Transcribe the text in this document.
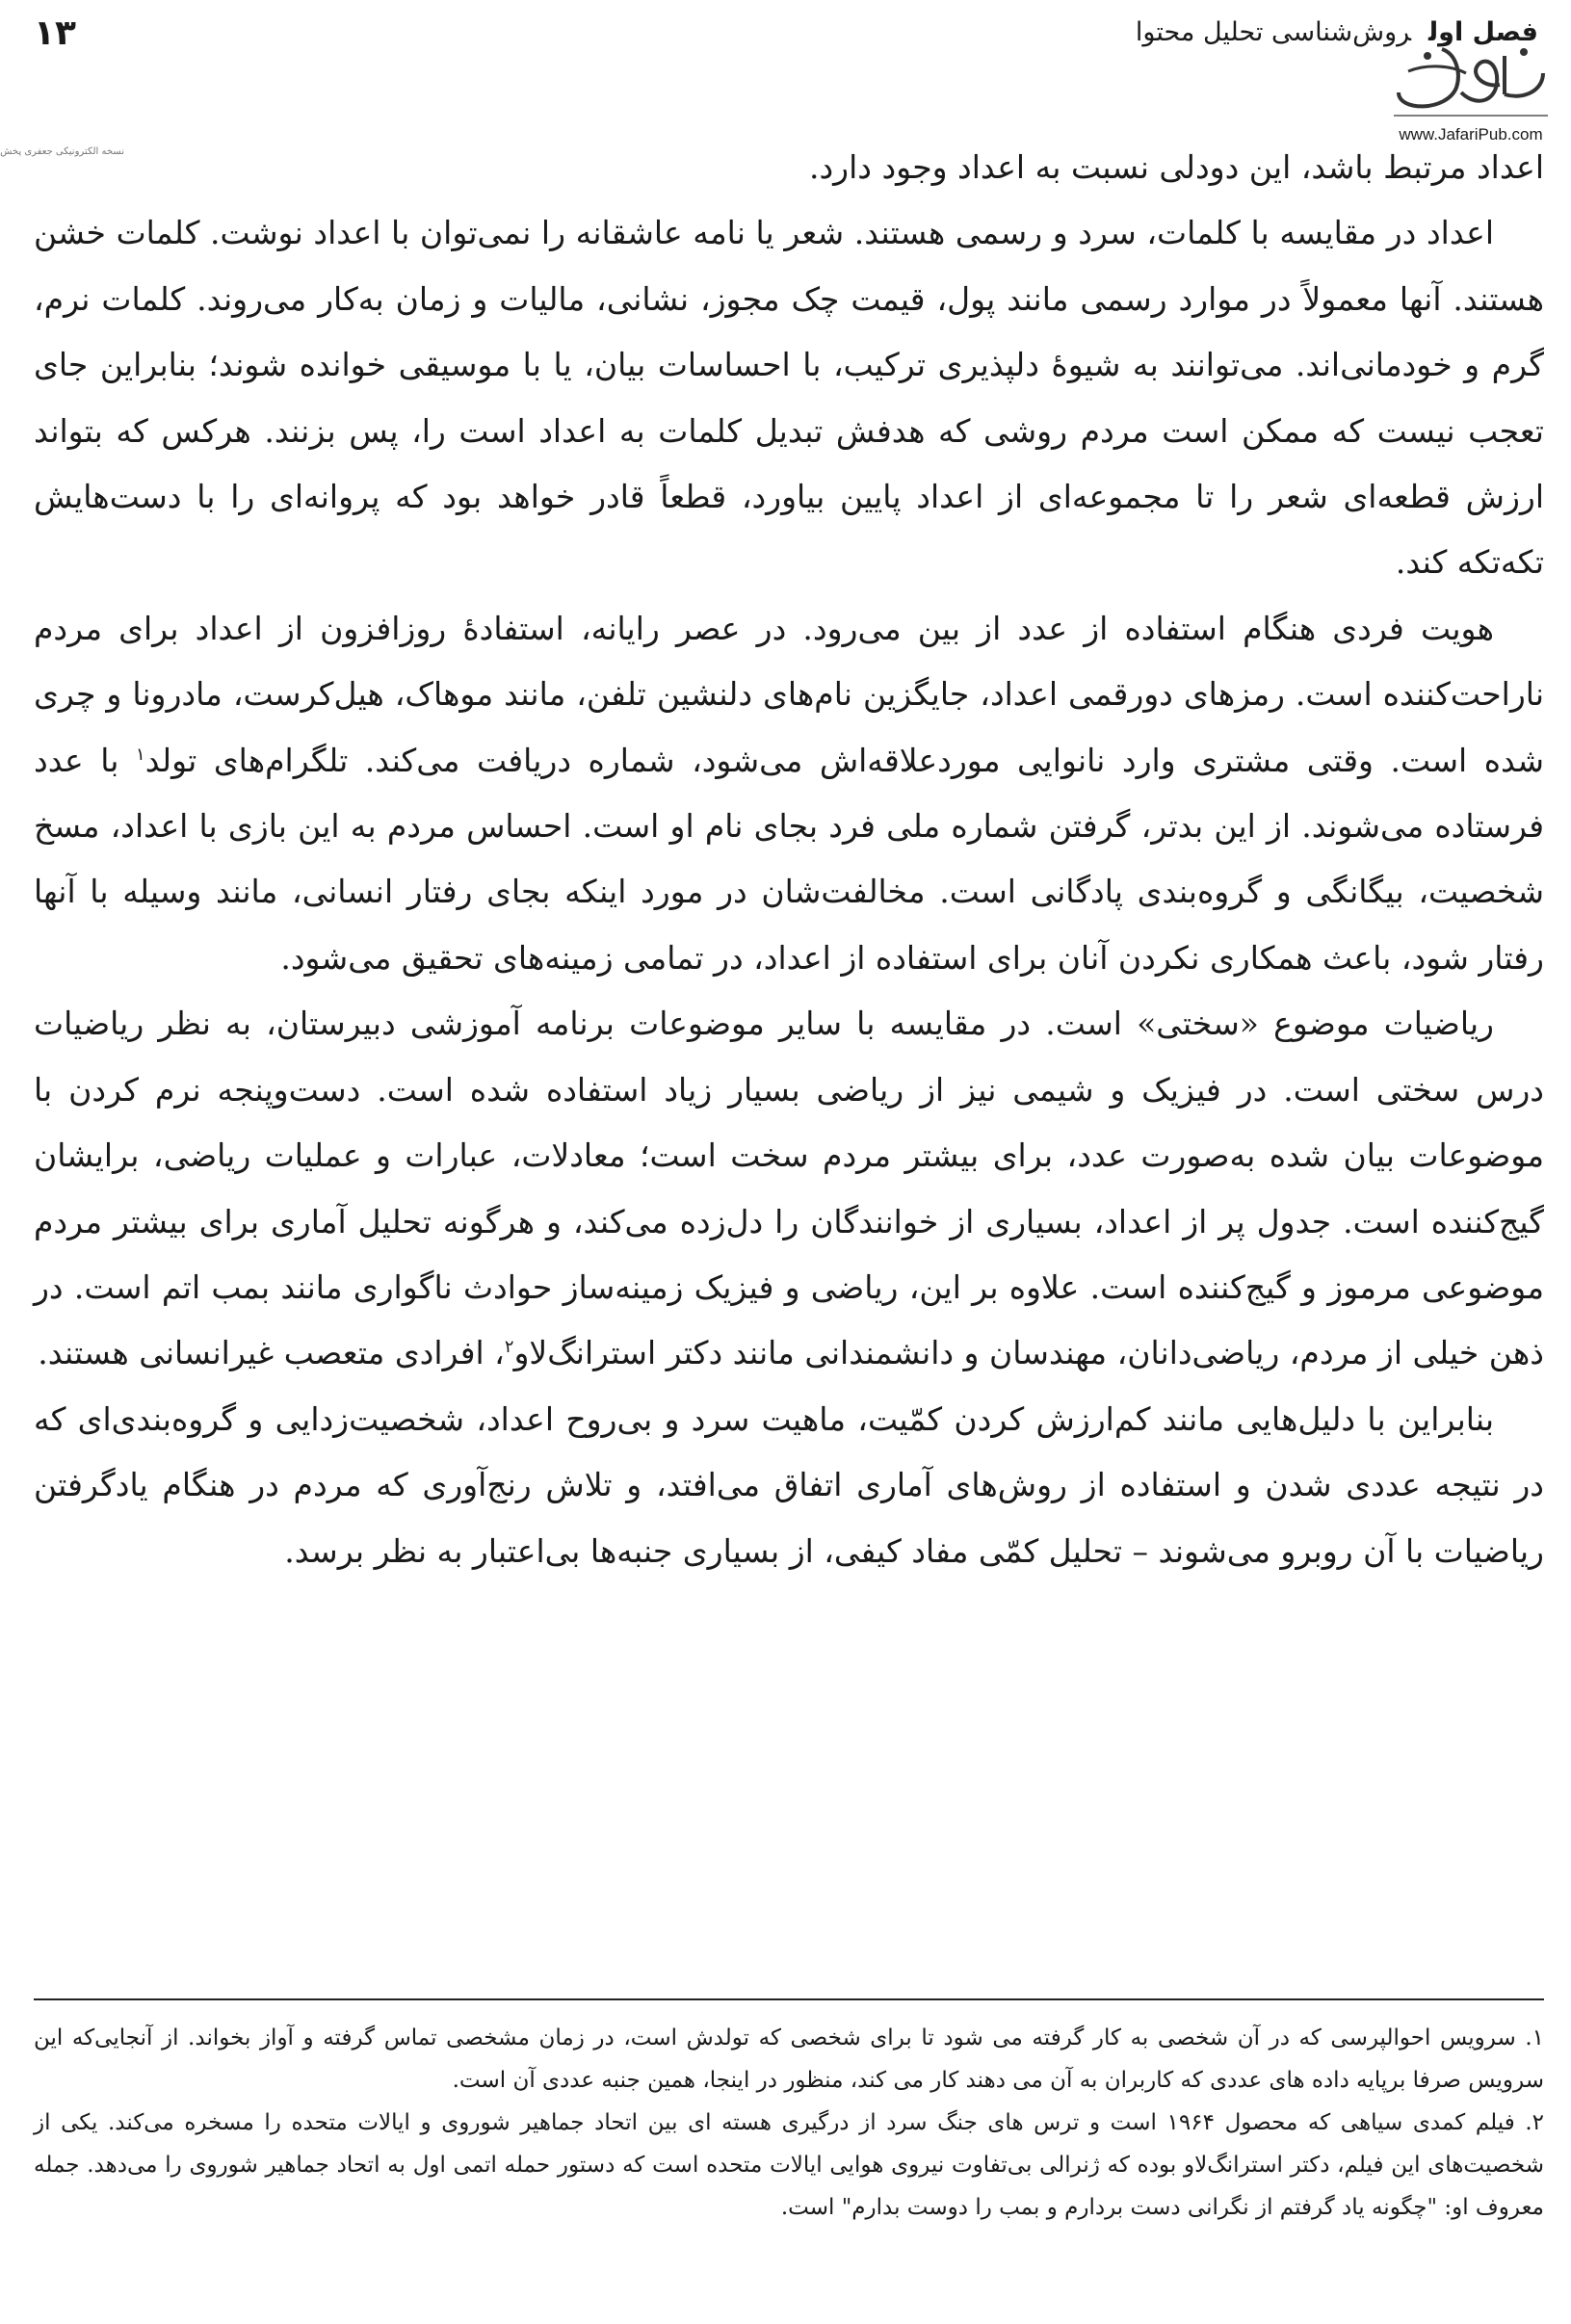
۱۳	فصل اولروش‌شناسی تحلیل محتوا
www.JafariPub.com
نسخه الکترونیکی جعفری پخش	اعداد مرتبط باشد، این دودلی نسبت به اعداد وجود دارد.

اعداد در مقایسه با کلمات، سرد و رسمی هستند. شعر یا نامه عاشقانه را نمی‌توان با اعداد نوشت. کلمات خشن هستند. آنها معمولاً در موارد رسمی مانند پول، قیمت چک مجوز، نشانی، مالیات و زمان به‌کار می‌روند. کلمات نرم، گرم و خودمانی‌اند. می‌توانند به شیوهٔ دلپذیری ترکیب، با احساسات بیان، یا با موسیقی خوانده شوند؛ بنابراین جای تعجب نیست که ممکن است مردم روشی که هدفش تبدیل کلمات به اعداد است را، پس بزنند. هرکس که بتواند ارزش قطعه‌ای شعر را تا مجموعه‌ای از اعداد پایین بیاورد، قطعاً قادر خواهد بود که پروانه‌ای را با دست‌هایش تکه‌تکه کند.

هویت فردی هنگام استفاده از عدد از بین می‌رود. در عصر رایانه، استفادهٔ روزافزون از اعداد برای مردم ناراحت‌کننده است. رمزهای دورقمی اعداد، جایگزین نام‌های دلنشین تلفن، مانند موهاک، هیل‌کرست، مادرونا و چری شده است. وقتی مشتری وارد نانوایی موردعلاقه‌اش می‌شود، شماره دریافت می‌کند. تلگرام‌های تولد$^۱$ با عدد فرستاده می‌شوند. از این بدتر، گرفتن شماره ملی فرد بجای نام او است. احساس مردم به این بازی با اعداد، مسخ شخصیت، بیگانگی و گروه‌بندی پادگانی است. مخالفت‌شان در مورد اینکه بجای رفتار انسانی، مانند وسیله با آنها رفتار شود، باعث همکاری نکردن آنان برای استفاده از اعداد، در تمامی زمینه‌های تحقیق می‌شود.

ریاضیات موضوع «سختی» است. در مقایسه با سایر موضوعات برنامه آموزشی دبیرستان، به نظر ریاضیات درس سختی است. در فیزیک و شیمی نیز از ریاضی بسیار زیاد استفاده شده است. دست‌وپنجه نرم کردن با موضوعات بیان شده به‌صورت عدد، برای بیشتر مردم سخت است؛ معادلات، عبارات و عملیات ریاضی، برایشان گیج‌کننده است. جدول پر از اعداد، بسیاری از خوانندگان را دل‌زده می‌کند، و هرگونه تحلیل آماری برای بیشتر مردم موضوعی مرموز و گیج‌کننده است. علاوه بر این، ریاضی و فیزیک زمینه‌ساز حوادث ناگواری مانند بمب اتم است. در ذهن خیلی از مردم، ریاضی‌دانان، مهندسان و دانشمندانی مانند دکتر استرانگ‌لاو$^۲$، افرادی متعصب غیرانسانی هستند.

بنابراین با دلیل‌هایی مانند کم‌ارزش کردن کمّیت، ماهیت سرد و بی‌روح اعداد، شخصیت‌زدایی و گروه‌بندی‌ای که در نتیجه عددی شدن و استفاده از روش‌های آماری اتفاق می‌افتد، و تلاش رنج‌آوری که مردم در هنگام یادگرفتن ریاضیات با آن روبرو می‌شوند – تحلیل کمّی مفاد کیفی، از بسیاری جنبه‌ها بی‌اعتبار به نظر برسد.

۱. سرویس احوالپرسی که در آن شخصی به کار گرفته می شود تا برای شخصی که تولدش است، در زمان مشخصی تماس گرفته و آواز بخواند. از آنجایی‌که این سرویس صرفا برپایه داده های عددی که کاربران به آن می دهند کار می کند، منظور در اینجا، همین جنبه عددی آن است.

۲. فیلم کمدی سیاهی که محصول ۱۹۶۴ است و ترس های جنگ سرد از درگیری هسته ای بین اتحاد جماهیر شوروی و ایالات متحده را مسخره می‌کند. یکی از شخصیت‌های این فیلم، دکتر استرانگ‌لاو بوده که ژنرالی بی‌تفاوت نیروی هوایی ایالات متحده است که دستور حمله اتمی اول به اتحاد جماهیر شوروی را می‌دهد. جمله معروف او: "چگونه یاد گرفتم از نگرانی دست بردارم و بمب را دوست بدارم" است.
